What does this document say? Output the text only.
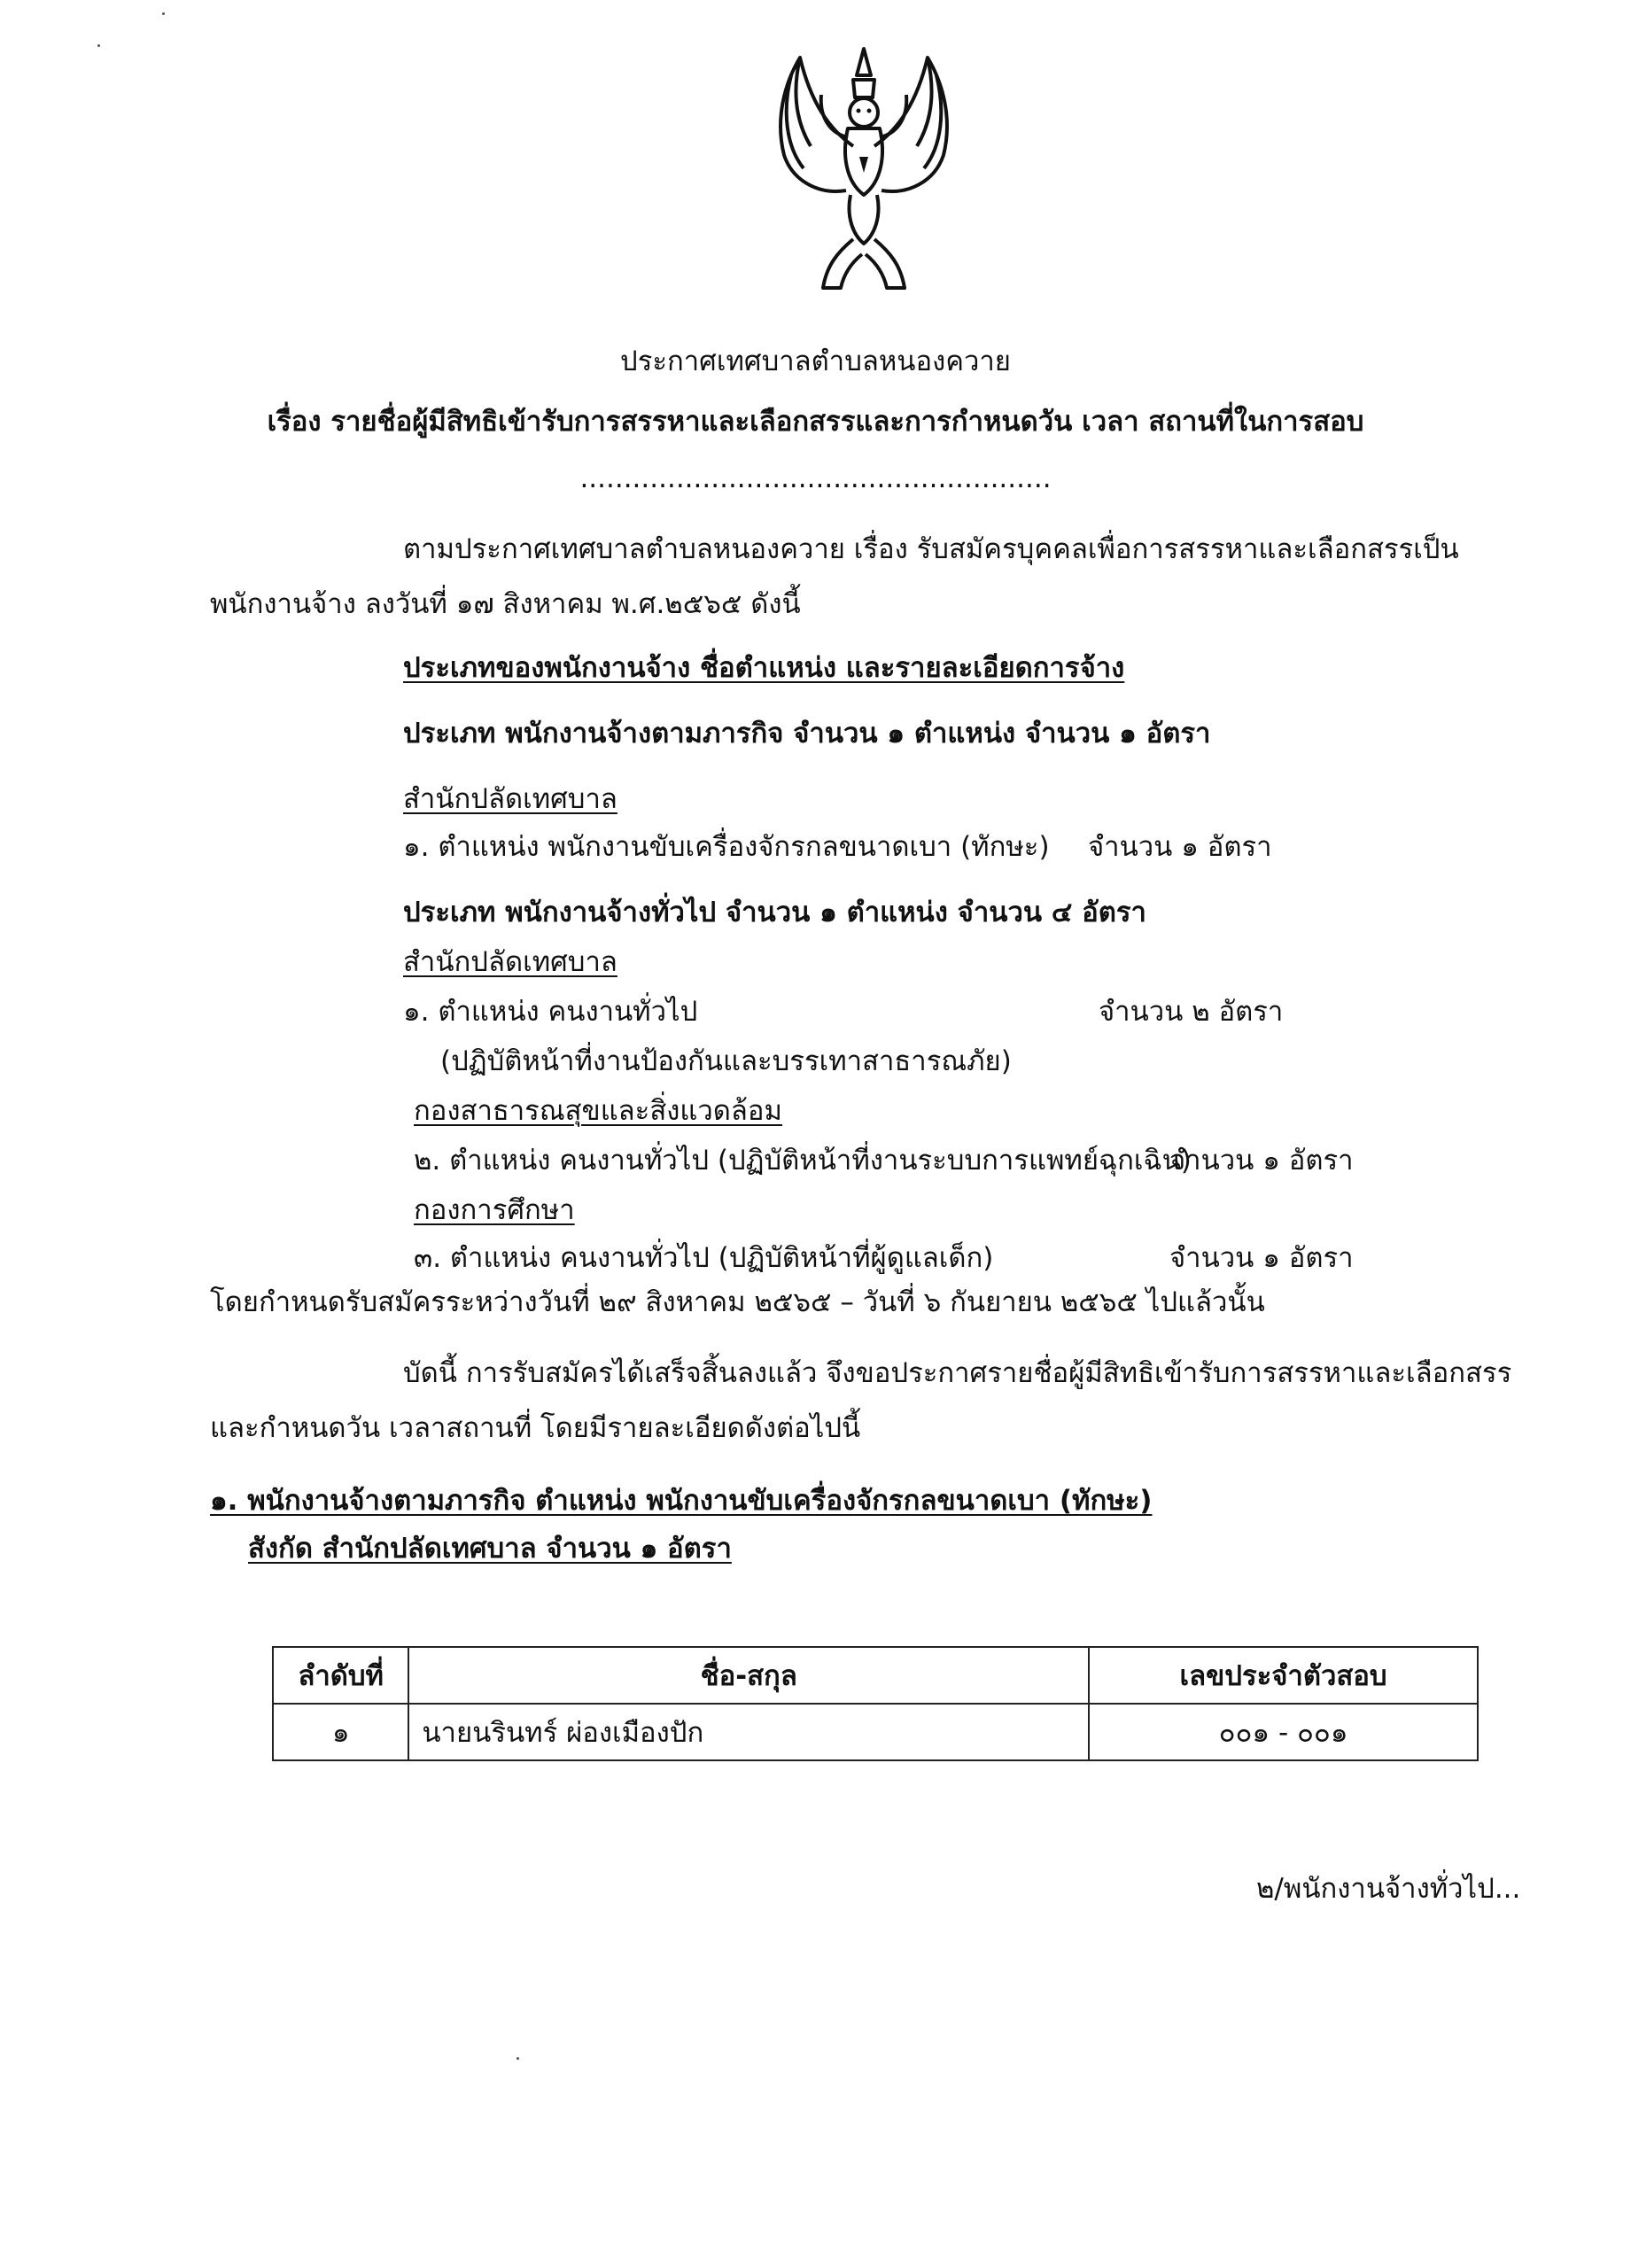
ประกาศเทศบาลตำบลหนองควาย
เรื่อง รายชื่อผู้มีสิทธิเข้ารับการสรรหาและเลือกสรรและการกำหนดวัน เวลา สถานที่ในการสอบ
......................................................
ตามประกาศเทศบาลตำบลหนองควาย เรื่อง รับสมัครบุคคลเพื่อการสรรหาและเลือกสรรเป็น
พนักงานจ้าง ลงวันที่ ๑๗ สิงหาคม พ.ศ.๒๕๖๕ ดังนี้
ประเภทของพนักงานจ้าง ชื่อตำแหน่ง และรายละเอียดการจ้าง
ประเภท พนักงานจ้างตามภารกิจ จำนวน ๑ ตำแหน่ง จำนวน ๑ อัตรา
สำนักปลัดเทศบาล
๑. ตำแหน่ง พนักงานขับเครื่องจักรกลขนาดเบา (ทักษะ) จำนวน ๑ อัตรา
ประเภท พนักงานจ้างทั่วไป จำนวน ๑ ตำแหน่ง จำนวน ๔ อัตรา
สำนักปลัดเทศบาล
๑. ตำแหน่ง คนงานทั่วไป	จำนวน ๒ อัตรา
(ปฏิบัติหน้าที่งานป้องกันและบรรเทาสาธารณภัย)
กองสาธารณสุขและสิ่งแวดล้อม
๒. ตำแหน่ง คนงานทั่วไป (ปฏิบัติหน้าที่งานระบบการแพทย์ฉุกเฉิน)
จำนวน ๑ อัตรา
กองการศึกษา
๓. ตำแหน่ง คนงานทั่วไป (ปฏิบัติหน้าที่ผู้ดูแลเด็ก)	จำนวน ๑ อัตรา
โดยกำหนดรับสมัครระหว่างวันที่ ๒๙ สิงหาคม ๒๕๖๕ – วันที่ ๖ กันยายน ๒๕๖๕ ไปแล้วนั้น
บัดนี้ การรับสมัครได้เสร็จสิ้นลงแล้ว จึงขอประกาศรายชื่อผู้มีสิทธิเข้ารับการสรรหาและเลือกสรร
และกำหนดวัน เวลาสถานที่ โดยมีรายละเอียดดังต่อไปนี้
๑. พนักงานจ้างตามภารกิจ ตำแหน่ง พนักงานขับเครื่องจักรกลขนาดเบา (ทักษะ)
สังกัด สำนักปลัดเทศบาล จำนวน ๑ อัตรา
ลำดับที่	ชื่อ-สกุล	เลขประจำตัวสอบ
๑	นายนรินทร์ ผ่องเมืองปัก	๐๐๑ - ๐๐๑
๒/พนักงานจ้างทั่วไป...
